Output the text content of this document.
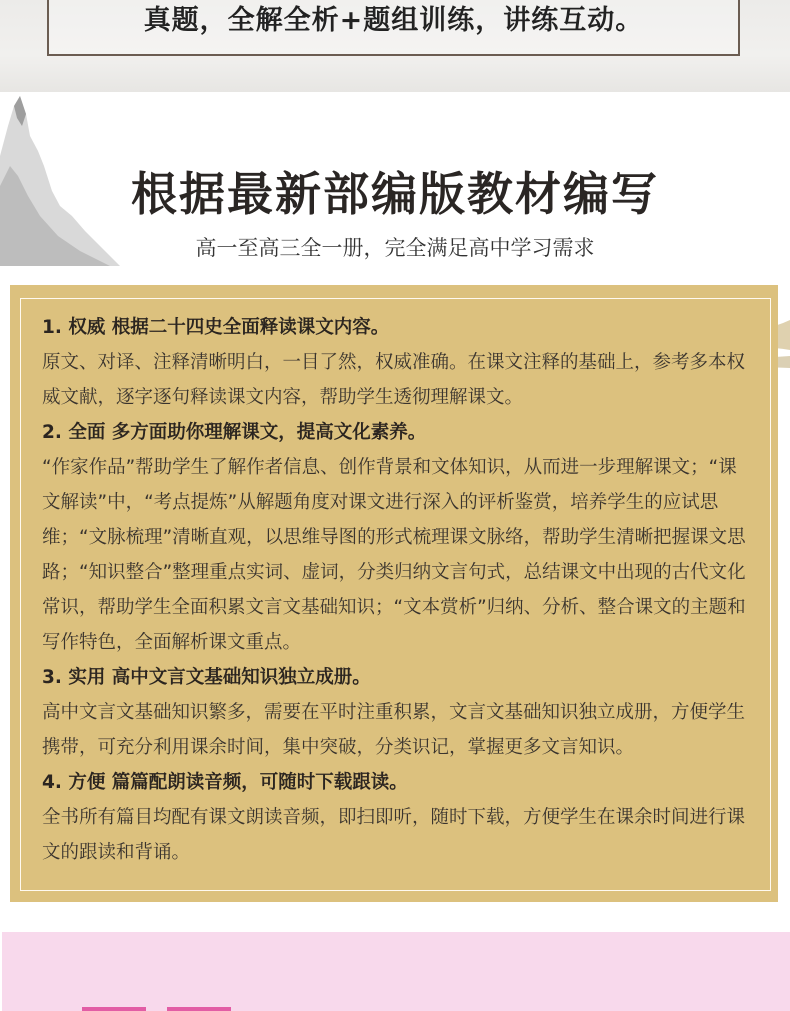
真题，全解全析+题组训练，讲练互动。
根据最新部编版教材编写
高一至高三全一册，完全满足高中学习需求

1. 权威 根据二十四史全面释读课文内容。

原文、对译、注释清晰明白，一目了然，权威准确。在课文注释的基础上，参考多本权威文献，逐字逐句释读课文内容，帮助学生透彻理解课文。

2. 全面 多方面助你理解课文，提高文化素养。

“作家作品”帮助学生了解作者信息、创作背景和文体知识，从而进一步理解课文；“课文解读”中，“考点提炼”从解题角度对课文进行深入的评析鉴赏，培养学生的应试思维；“文脉梳理”清晰直观，以思维导图的形式梳理课文脉络，帮助学生清晰把握课文思路；“知识整合”整理重点实词、虚词，分类归纳文言句式，总结课文中出现的古代文化常识，帮助学生全面积累文言文基础知识；“文本赏析”归纳、分析、整合课文的主题和写作特色，全面解析课文重点。

3. 实用 高中文言文基础知识独立成册。

高中文言文基础知识繁多，需要在平时注重积累，文言文基础知识独立成册，方便学生携带，可充分利用课余时间，集中突破，分类识记，掌握更多文言知识。

4. 方便 篇篇配朗读音频，可随时下载跟读。

全书所有篇目均配有课文朗读音频，即扫即听，随时下载，方便学生在课余时间进行课文的跟读和背诵。
